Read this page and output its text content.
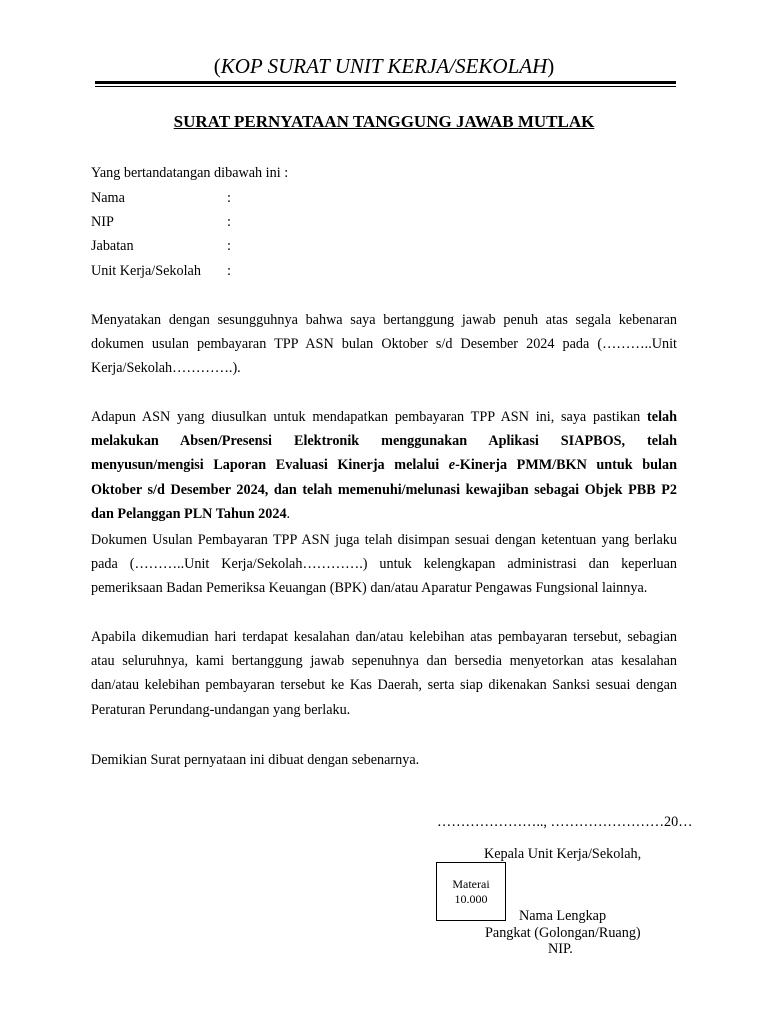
(KOP SURAT UNIT KERJA/SEKOLAH)
SURAT PERNYATAAN TANGGUNG JAWAB MUTLAK
Yang bertandatangan dibawah ini :
Nama	:
NIP	:
Jabatan	:
Unit Kerja/Sekolah :
Menyatakan dengan sesungguhnya bahwa saya bertanggung jawab penuh atas segala kebenaran dokumen usulan pembayaran TPP ASN bulan Oktober s/d Desember 2024 pada (………..Unit Kerja/Sekolah………….).
Adapun ASN yang diusulkan untuk mendapatkan pembayaran TPP ASN ini, saya pastikan telah melakukan Absen/Presensi Elektronik menggunakan Aplikasi SIAPBOS, telah menyusun/mengisi Laporan Evaluasi Kinerja melalui e-Kinerja PMM/BKN untuk bulan Oktober s/d Desember 2024, dan telah memenuhi/melunasi kewajiban sebagai Objek PBB P2 dan Pelanggan PLN Tahun 2024.
Dokumen Usulan Pembayaran TPP ASN juga telah disimpan sesuai dengan ketentuan yang berlaku pada (………..Unit Kerja/Sekolah………….) untuk kelengkapan administrasi dan keperluan pemeriksaan Badan Pemeriksa Keuangan (BPK) dan/atau Aparatur Pengawas Fungsional lainnya.
Apabila dikemudian hari terdapat kesalahan dan/atau kelebihan atas pembayaran tersebut, sebagian atau seluruhnya, kami bertanggung jawab sepenuhnya dan bersedia menyetorkan atas kesalahan dan/atau kelebihan pembayaran tersebut ke Kas Daerah, serta siap dikenakan Sanksi sesuai dengan Peraturan Perundang-undangan yang berlaku.
Demikian Surat pernyataan ini dibuat dengan sebenarnya.
………………….., ……………………20…
Kepala Unit Kerja/Sekolah,
Materai
10.000
Nama Lengkap
Pangkat (Golongan/Ruang)
NIP.
